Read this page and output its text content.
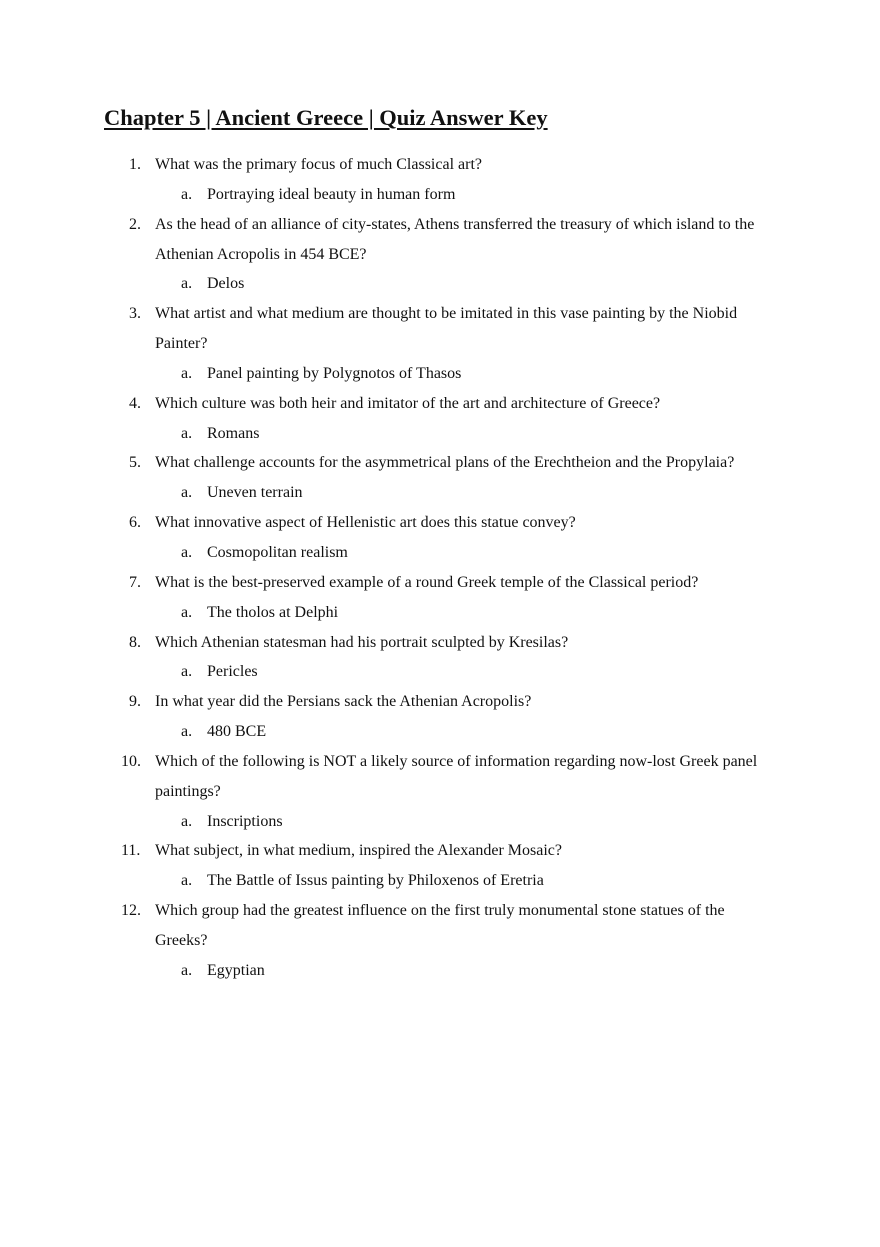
Chapter 5 | Ancient Greece | Quiz Answer Key
1. What was the primary focus of much Classical art?
a. Portraying ideal beauty in human form
2. As the head of an alliance of city-states, Athens transferred the treasury of which island to the Athenian Acropolis in 454 BCE?
a. Delos
3. What artist and what medium are thought to be imitated in this vase painting by the Niobid Painter?
a. Panel painting by Polygnotos of Thasos
4. Which culture was both heir and imitator of the art and architecture of Greece?
a. Romans
5. What challenge accounts for the asymmetrical plans of the Erechtheion and the Propylaia?
a. Uneven terrain
6. What innovative aspect of Hellenistic art does this statue convey?
a. Cosmopolitan realism
7. What is the best-preserved example of a round Greek temple of the Classical period?
a. The tholos at Delphi
8. Which Athenian statesman had his portrait sculpted by Kresilas?
a. Pericles
9. In what year did the Persians sack the Athenian Acropolis?
a. 480 BCE
10. Which of the following is NOT a likely source of information regarding now-lost Greek panel paintings?
a. Inscriptions
11. What subject, in what medium, inspired the Alexander Mosaic?
a. The Battle of Issus painting by Philoxenos of Eretria
12. Which group had the greatest influence on the first truly monumental stone statues of the Greeks?
a. Egyptian
